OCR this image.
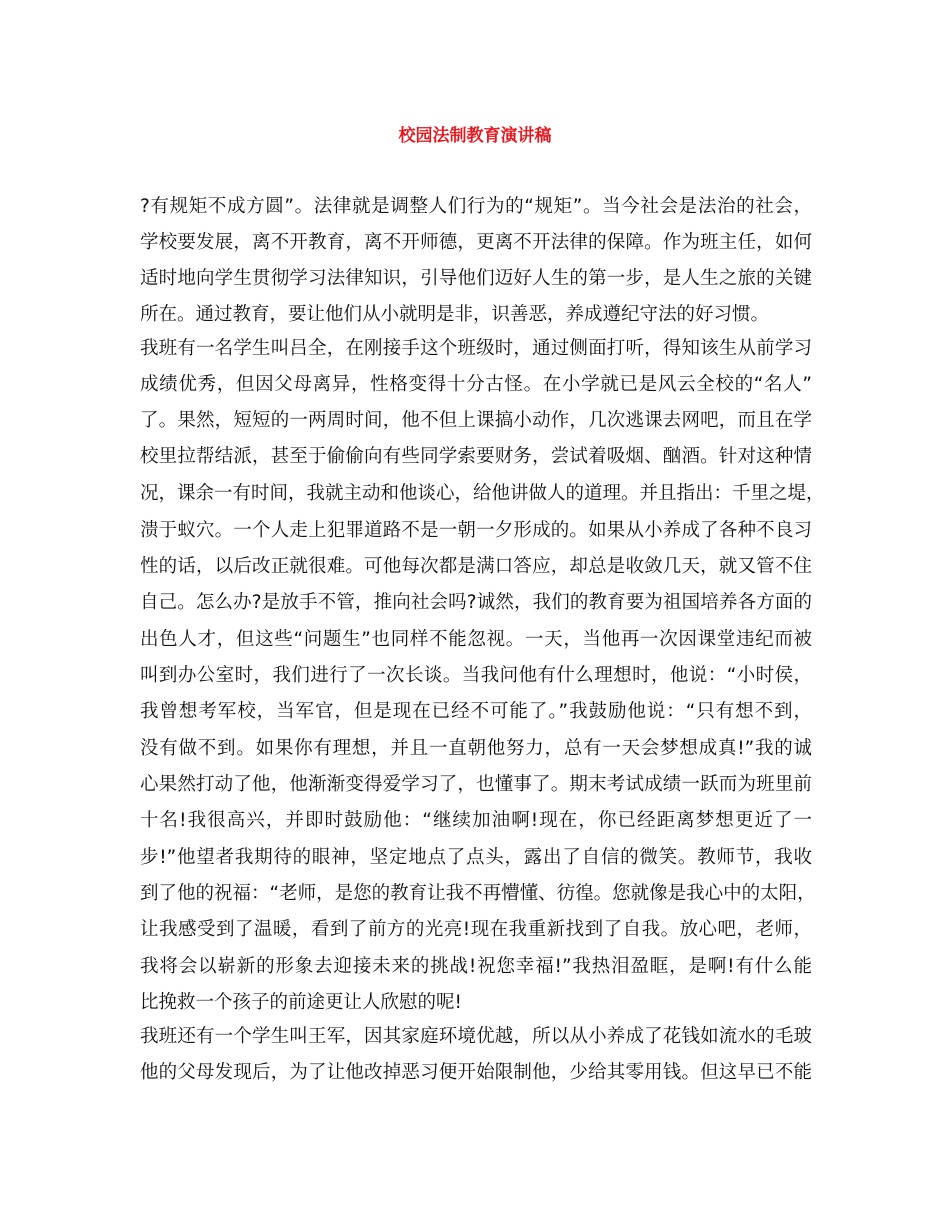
校园法制教育演讲稿
?有规矩不成方圆”。法律就是调整人们行为的“规矩”。当今社会是法治的社会，
学校要发展，离不开教育，离不开师德，更离不开法律的保障。作为班主任，如何
适时地向学生贯彻学习法律知识，引导他们迈好人生的第一步，是人生之旅的关键
所在。通过教育，要让他们从小就明是非，识善恶，养成遵纪守法的好习惯。
我班有一名学生叫吕全，在刚接手这个班级时，通过侧面打听，得知该生从前学习
成绩优秀，但因父母离异，性格变得十分古怪。在小学就已是风云全校的“名人”
了。果然，短短的一两周时间，他不但上课搞小动作，几次逃课去网吧，而且在学
校里拉帮结派，甚至于偷偷向有些同学索要财务，尝试着吸烟、酗酒。针对这种情
况，课余一有时间，我就主动和他谈心，给他讲做人的道理。并且指出：千里之堤，
溃于蚁穴。一个人走上犯罪道路不是一朝一夕形成的。如果从小养成了各种不良习
性的话，以后改正就很难。可他每次都是满口答应，却总是收敛几天，就又管不住
自己。怎么办?是放手不管，推向社会吗?诚然，我们的教育要为祖国培养各方面的
出色人才，但这些“问题生”也同样不能忽视。一天，当他再一次因课堂违纪而被
叫到办公室时，我们进行了一次长谈。当我问他有什么理想时，他说：“小时侯，
我曾想考军校，当军官，但是现在已经不可能了。”我鼓励他说：“只有想不到，
没有做不到。如果你有理想，并且一直朝他努力，总有一天会梦想成真!”我的诚
心果然打动了他，他渐渐变得爱学习了，也懂事了。期末考试成绩一跃而为班里前
十名!我很高兴，并即时鼓励他：“继续加油啊!现在，你已经距离梦想更近了一
步!”他望者我期待的眼神，坚定地点了点头，露出了自信的微笑。教师节，我收
到了他的祝福：“老师，是您的教育让我不再懵懂、彷徨。您就像是我心中的太阳，
让我感受到了温暖，看到了前方的光亮!现在我重新找到了自我。放心吧，老师，
我将会以崭新的形象去迎接未来的挑战!祝您幸福!”我热泪盈眶，是啊!有什么能
比挽救一个孩子的前途更让人欣慰的呢!
我班还有一个学生叫王军，因其家庭环境优越，所以从小养成了花钱如流水的毛玻
他的父母发现后，为了让他改掉恶习便开始限制他，少给其零用钱。但这早已不能
